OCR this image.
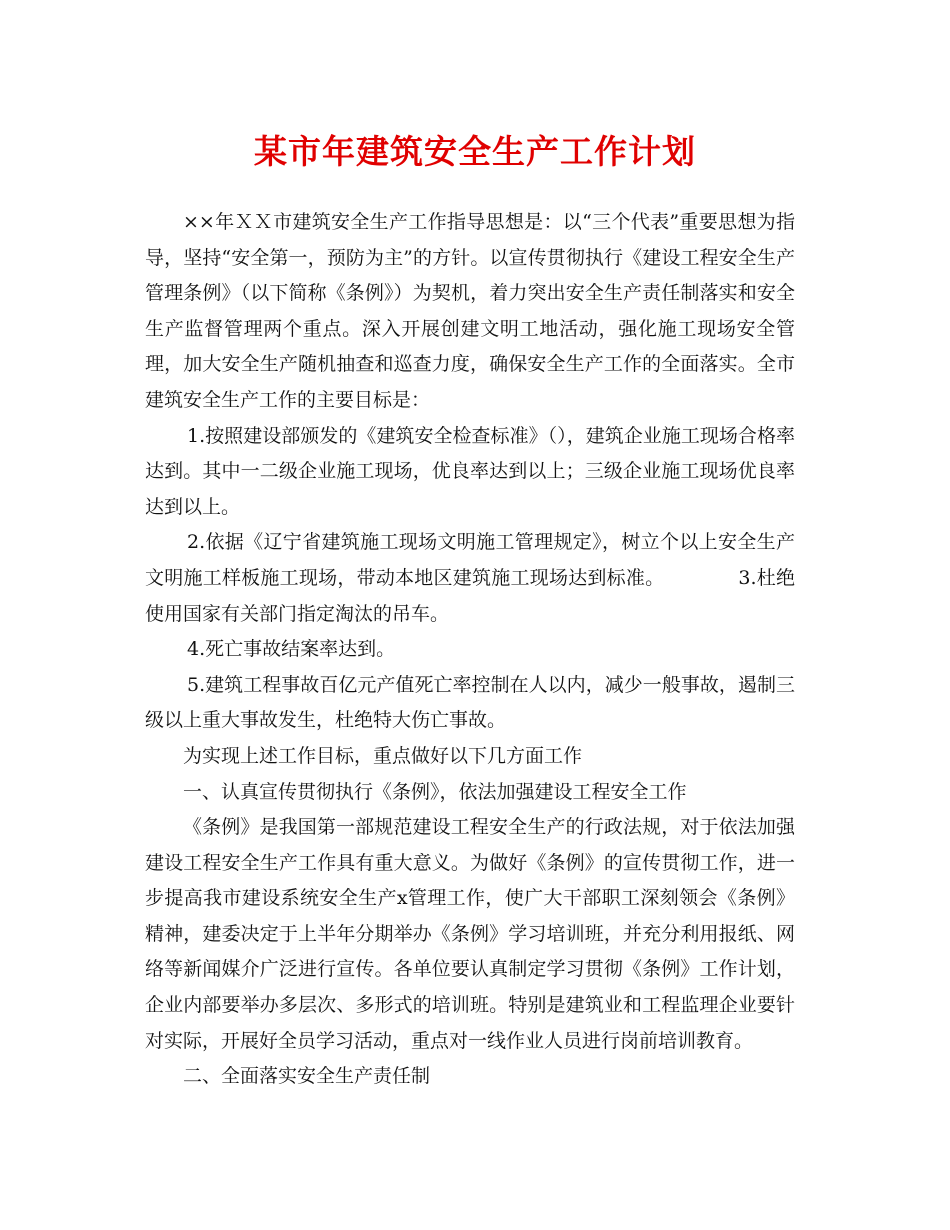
某市年建筑安全生产工作计划

××年ＸＸ市建筑安全生产工作指导思想是：以“三个代表”重要思想为指导，坚持“安全第一，预防为主”的方针。以宣传贯彻执行《建设工程安全生产管理条例》（以下简称《条例》）为契机，着力突出安全生产责任制落实和安全生产监督管理两个重点。深入开展创建文明工地活动，强化施工现场安全管理，加大安全生产随机抽查和巡查力度，确保安全生产工作的全面落实。全市建筑安全生产工作的主要目标是：

1.按照建设部颁发的《建筑安全检查标准》（），建筑企业施工现场合格率达到。其中一二级企业施工现场，优良率达到以上；三级企业施工现场优良率达到以上。

2.依据《辽宁省建筑施工现场文明施工管理规定》，树立个以上安全生产文明施工样板施工现场，带动本地区建筑施工现场达到标准。	3.杜绝使用国家有关部门指定淘汰的吊车。

4.死亡事故结案率达到。

5.建筑工程事故百亿元产值死亡率控制在人以内，减少一般事故，遏制三级以上重大事故发生，杜绝特大伤亡事故。

为实现上述工作目标，重点做好以下几方面工作

一、认真宣传贯彻执行《条例》，依法加强建设工程安全工作

《条例》是我国第一部规范建设工程安全生产的行政法规，对于依法加强建设工程安全生产工作具有重大意义。为做好《条例》的宣传贯彻工作，进一步提高我市建设系统安全生产x管理工作，使广大干部职工深刻领会《条例》精神，建委决定于上半年分期举办《条例》学习培训班，并充分利用报纸、网络等新闻媒介广泛进行宣传。各单位要认真制定学习贯彻《条例》工作计划，企业内部要举办多层次、多形式的培训班。特别是建筑业和工程监理企业要针对实际，开展好全员学习活动，重点对一线作业人员进行岗前培训教育。

二、全面落实安全生产责任制
